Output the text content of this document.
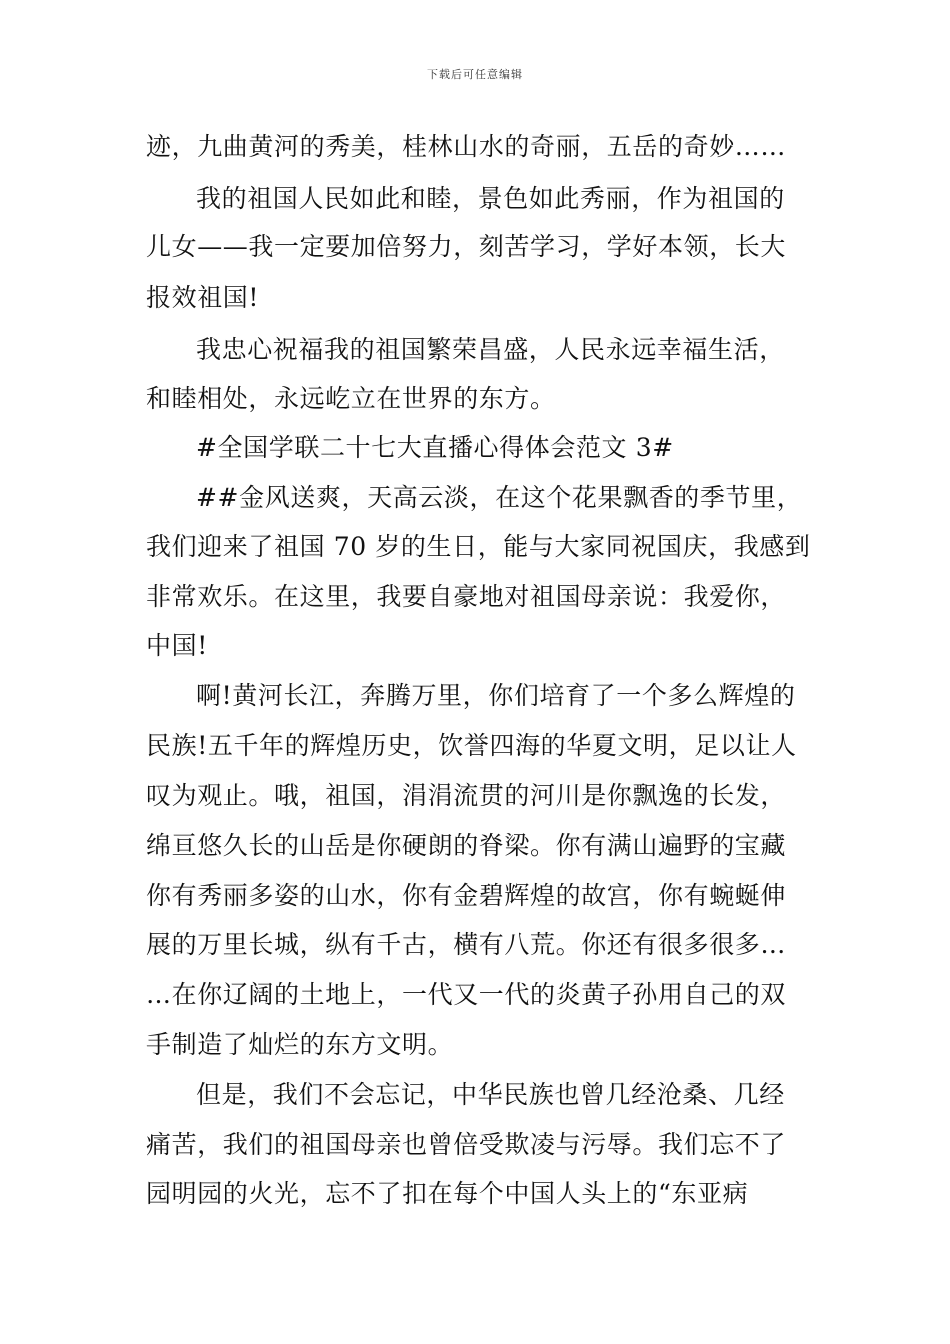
下载后可任意编辑
迹，九曲黄河的秀美，桂林山水的奇丽，五岳的奇妙……
我的祖国人民如此和睦，景色如此秀丽，作为祖国的
儿女——我一定要加倍努力，刻苦学习，学好本领，长大
报效祖国!
我忠心祝福我的祖国繁荣昌盛，人民永远幸福生活，
和睦相处，永远屹立在世界的东方。
#全国学联二十七大直播心得体会范文 3#
##金风送爽，天高云淡，在这个花果飘香的季节里，
我们迎来了祖国 70 岁的生日，能与大家同祝国庆，我感到
非常欢乐。在这里，我要自豪地对祖国母亲说：我爱你，
中国!
啊!黄河长江，奔腾万里，你们培育了一个多么辉煌的
民族!五千年的辉煌历史，饮誉四海的华夏文明，足以让人
叹为观止。哦，祖国，涓涓流贯的河川是你飘逸的长发，
绵亘悠久长的山岳是你硬朗的脊梁。你有满山遍野的宝藏
你有秀丽多姿的山水，你有金碧辉煌的故宫，你有蜿蜒伸
展的万里长城，纵有千古，横有八荒。你还有很多很多…
…在你辽阔的土地上，一代又一代的炎黄子孙用自己的双
手制造了灿烂的东方文明。
但是，我们不会忘记，中华民族也曾几经沧桑、几经
痛苦，我们的祖国母亲也曾倍受欺凌与污辱。我们忘不了
园明园的火光，忘不了扣在每个中国人头上的“东亚病
